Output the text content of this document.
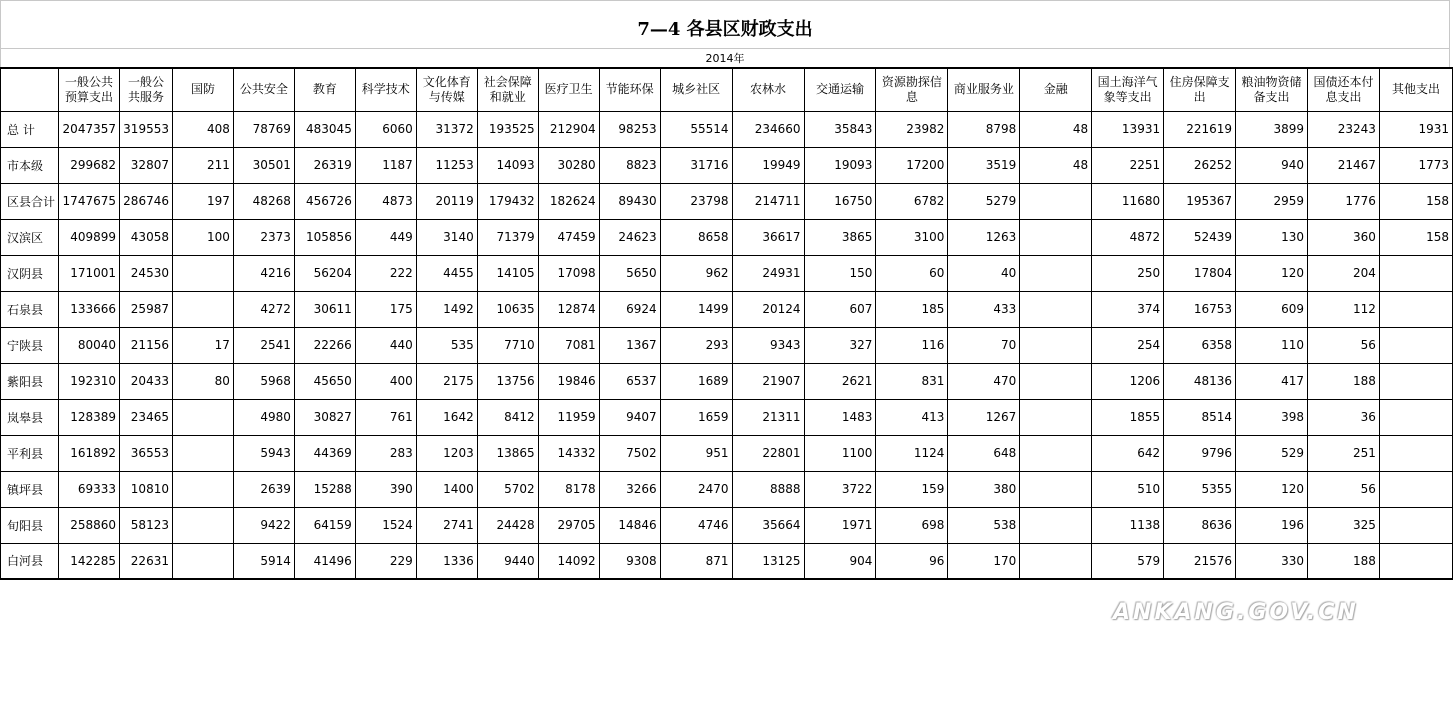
7—4 各县区财政支出
2014年
	一般公共预算支出	一般公共服务	国防	公共安全	教育	科学技术	文化体育与传媒	社会保障和就业	医疗卫生	节能环保	城乡社区	农林水	交通运输	资源勘探信息	商业服务业	金融	国土海洋气象等支出	住房保障支出	粮油物资储备支出	国债还本付息支出	其他支出
总 计	2047357	319553	408	78769	483045	6060	31372	193525	212904	98253	55514	234660	35843	23982	8798	48	13931	221619	3899	23243	1931
市本级	299682	32807	211	30501	26319	1187	11253	14093	30280	8823	31716	19949	19093	17200	3519	48	2251	26252	940	21467	1773
区县合计	1747675	286746	197	48268	456726	4873	20119	179432	182624	89430	23798	214711	16750	6782	5279		11680	195367	2959	1776	158
汉滨区	409899	43058	100	2373	105856	449	3140	71379	47459	24623	8658	36617	3865	3100	1263		4872	52439	130	360	158
汉阴县	171001	24530		4216	56204	222	4455	14105	17098	5650	962	24931	150	60	40		250	17804	120	204	
石泉县	133666	25987		4272	30611	175	1492	10635	12874	6924	1499	20124	607	185	433		374	16753	609	112	
宁陕县	80040	21156	17	2541	22266	440	535	7710	7081	1367	293	9343	327	116	70		254	6358	110	56	
紫阳县	192310	20433	80	5968	45650	400	2175	13756	19846	6537	1689	21907	2621	831	470		1206	48136	417	188	
岚皋县	128389	23465		4980	30827	761	1642	8412	11959	9407	1659	21311	1483	413	1267		1855	8514	398	36	
平利县	161892	36553		5943	44369	283	1203	13865	14332	7502	951	22801	1100	1124	648		642	9796	529	251	
镇坪县	69333	10810		2639	15288	390	1400	5702	8178	3266	2470	8888	3722	159	380		510	5355	120	56	
旬阳县	258860	58123		9422	64159	1524	2741	24428	29705	14846	4746	35664	1971	698	538		1138	8636	196	325	
白河县	142285	22631		5914	41496	229	1336	9440	14092	9308	871	13125	904	96	170		579	21576	330	188	
ANKANG.GOV.CN
